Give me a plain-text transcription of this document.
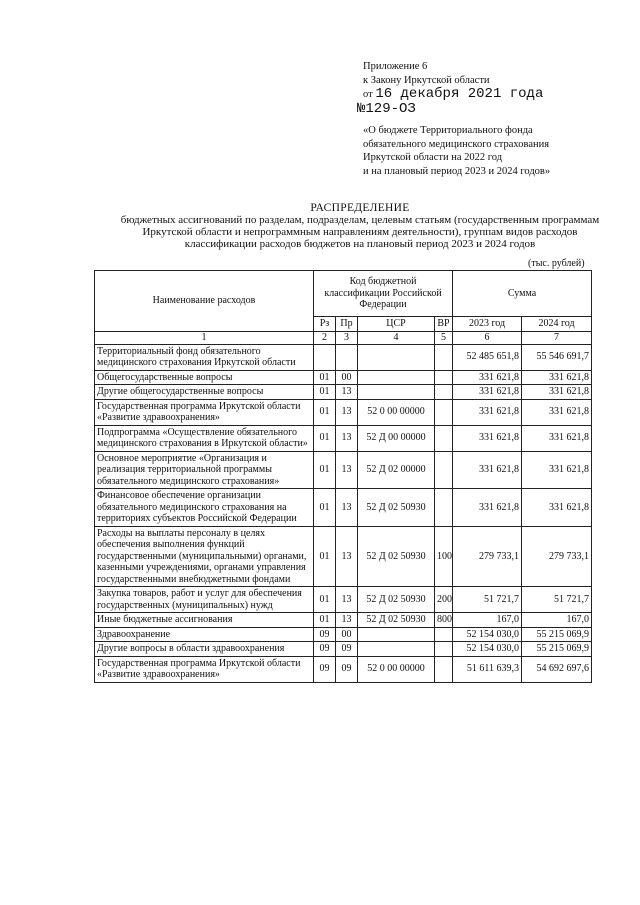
Приложение 6
к Закону Иркутской области
от 16 декабря 2021 года
№129-ОЗ
«О бюджете Территориального фонда
обязательного медицинского страхования
Иркутской области на 2022 год
и на плановый период 2023 и 2024 годов»
РАСПРЕДЕЛЕНИЕ
бюджетных ассигнований по разделам, подразделам, целевым статьям (государственным программам
Иркутской области и непрограммным направлениям деятельности), группам видов расходов
классификации расходов бюджетов на плановый период 2023 и 2024 годов
(тыс. рублей)
Наименование расходов	Код бюджетной классификации Российской Федерации				Сумма	
	Рз	Пр	ЦСР	ВР	2023 год	2024 год
1	2	3	4	5	6	7
Территориальный фонд обязательного медицинского страхования Иркутской области					52 485 651,8	55 546 691,7
Общегосударственные вопросы	01	00			331 621,8	331 621,8
Другие общегосударственные вопросы	01	13			331 621,8	331 621,8
Государственная программа Иркутской области «Развитие здравоохранения»	01	13	52 0 00 00000		331 621,8	331 621,8
Подпрограмма «Осуществление обязательного медицинского страхования в Иркутской области»	01	13	52 Д 00 00000		331 621,8	331 621,8
Основное мероприятие «Организация и реализация территориальной программы обязательного медицинского страхования»	01	13	52 Д 02 00000		331 621,8	331 621,8
Финансовое обеспечение организации обязательного медицинского страхования на территориях субъектов Российской Федерации	01	13	52 Д 02 50930		331 621,8	331 621,8
Расходы на выплаты персоналу в целях обеспечения выполнения функций государственными (муниципальными) органами, казенными учреждениями, органами управления государственными внебюджетными фондами	01	13	52 Д 02 50930	100	279 733,1	279 733,1
Закупка товаров, работ и услуг для обеспечения государственных (муниципальных) нужд	01	13	52 Д 02 50930	200	51 721,7	51 721,7
Иные бюджетные ассигнования	01	13	52 Д 02 50930	800	167,0	167,0
Здравоохранение	09	00			52 154 030,0	55 215 069,9
Другие вопросы в области здравоохранения	09	09			52 154 030,0	55 215 069,9
Государственная программа Иркутской области «Развитие здравоохранения»	09	09	52 0 00 00000		51 611 639,3	54 692 697,6
